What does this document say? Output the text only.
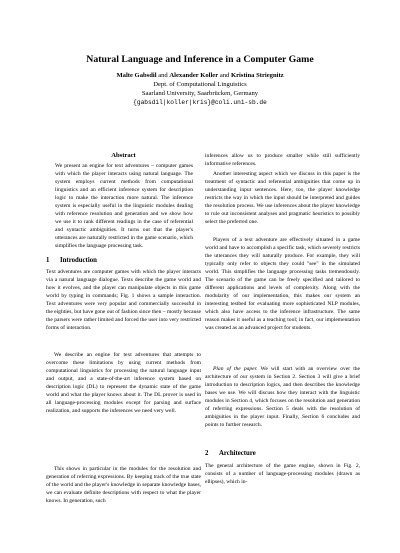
Natural Language and Inference in a Computer Game
Malte Gabsdil and Alexander Koller and Kristina Striegnitz
Dept. of Computational Linguistics
Saarland University, Saarbrücken, Germany
{gabsdil|koller|kris}@coli.uni-sb.de
Abstract
We present an engine for text adventures – computer games with which the player interacts using natural language. The system employs current methods from computational linguistics and an efficient inference system for description logic to make the interaction more natural. The inference system is especially useful in the linguistic modules dealing with reference resolution and generation and we show how we use it to rank different readings in the case of referential and syntactic ambiguities. It turns out that the player's utterances are naturally restricted in the game scenario, which simplifies the language processing task.
1 Introduction
Text adventures are computer games with which the player interacts via a natural language dialogue. Texts describe the game world and how it evolves, and the player can manipulate objects in this game world by typing in commands; Fig. 1 shows a sample interaction. Text adventures were very popular and commercially successful in the eighties, but have gone out of fashion since then – mostly because the parsers were rather limited and forced the user into very restricted forms of interaction.
We describe an engine for text adventures that attempts to overcome these limitations by using current methods from computational linguistics for processing the natural language input and output, and a state-of-the-art inference system based on description logic (DL) to represent the dynamic state of the game world and what the player knows about it. The DL prover is used in all language-processing modules except for parsing and surface realization, and supports the inferences we need very well.
This shows in particular in the modules for the resolution and generation of referring expressions. By keeping track of the true state of the world and the player's knowledge in separate knowledge bases, we can evaluate definite descriptions with respect to what the player knows. In generation, such
inferences allow us to produce smaller while still sufficiently informative references.
Another interesting aspect which we discuss in this paper is the treatment of syntactic and referential ambiguities that come up in understanding input sentences. Here, too, the player knowledge restricts the way in which the input should be interpreted and guides the resolution process. We use inferences about the player knowledge to rule out inconsistent analyses and pragmatic heuristics to possibly select the preferred one.
Players of a text adventure are effectively situated in a game world and have to accomplish a specific task, which severely restricts the utterances they will naturally produce. For example, they will typically only refer to objects they could "see" in the simulated world. This simplifies the language processing tasks tremendously. The scenario of the game can be freely specified and tailored to different applications and levels of complexity. Along with the modularity of our implementation, this makes our system an interesting testbed for evaluating more sophisticated NLP modules, which also have access to the inference infrastructure. The same reason makes it useful as a teaching tool; in fact, our implementation was created as an advanced project for students.
Plan of the paper. We will start with an overview over the architecture of our system in Section 2. Section 3 will give a brief introduction to description logics, and then describes the knowledge bases we use. We will discuss how they interact with the linguistic modules in Section 4, which focuses on the resolution and generation of referring expressions. Section 5 deals with the resolution of ambiguities in the player input. Finally, Section 6 concludes and points to further research.
2 Architecture
The general architecture of the game engine, shown in Fig. 2, consists of a number of language-processing modules (drawn as ellipses), which in-
